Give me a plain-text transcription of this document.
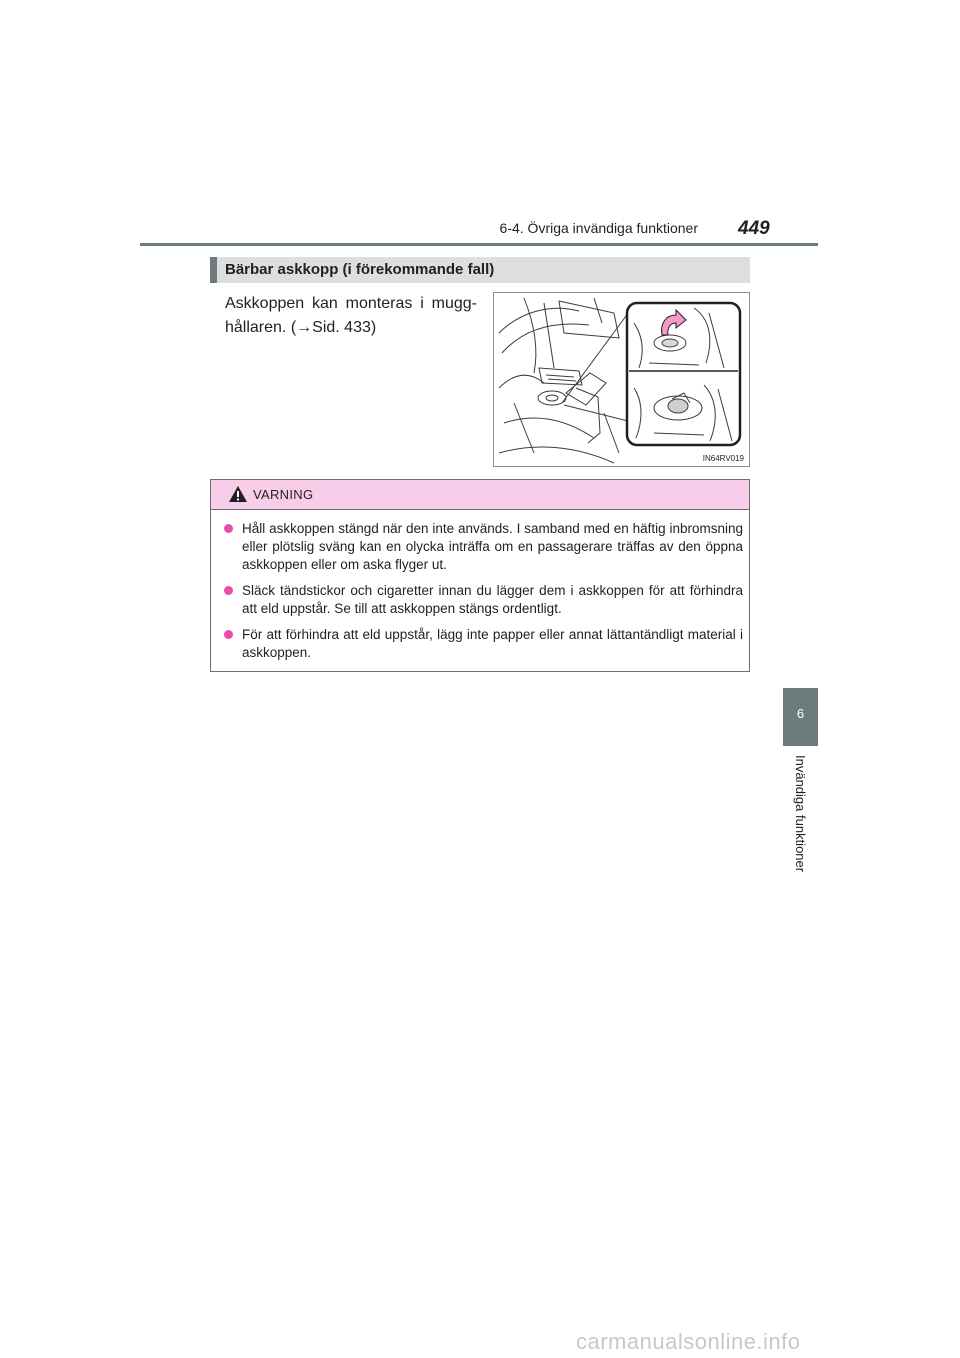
6-4. Övriga invändiga funktioner 449
Bärbar askkopp (i förekommande fall)
Askkoppen kan monteras i mugg-hållaren. (→Sid. 433)
IN64RV019
VARNING
Håll askkoppen stängd när den inte används. I samband med en häftig inbromsning eller plötslig sväng kan en olycka inträffa om en passagerare träffas av den öppna askkoppen eller om aska flyger ut.
Släck tändstickor och cigaretter innan du lägger dem i askkoppen för att förhindra att eld uppstår. Se till att askkoppen stängs ordentligt.
För att förhindra att eld uppstår, lägg inte papper eller annat lättantändligt material i askkoppen.
6
Invändiga funktioner
carmanualsonline.info
